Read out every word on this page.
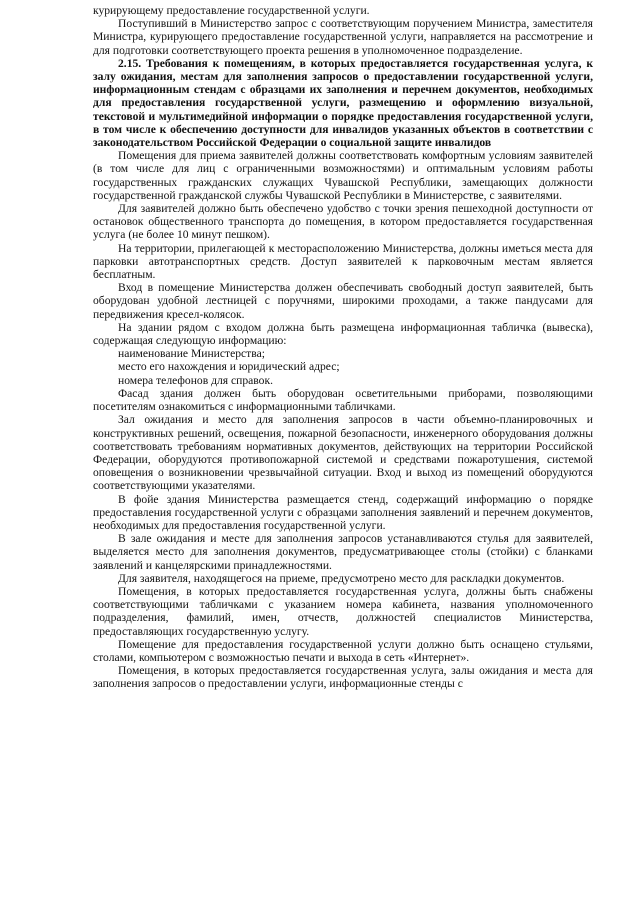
курирующему предоставление государственной услуги.

Поступивший в Министерство запрос с соответствующим поручением Министра, заместителя Министра, курирующего предоставление государственной услуги, направляется на рассмотрение и для подготовки соответствующего проекта решения в уполномоченное подразделение.

2.15. Требования к помещениям, в которых предоставляется государственная услуга, к залу ожидания, местам для заполнения запросов о предоставлении государственной услуги, информационным стендам с образцами их заполнения и перечнем документов, необходимых для предоставления государственной услуги, размещению и оформлению визуальной, текстовой и мультимедийной информации о порядке предоставления государственной услуги, в том числе к обеспечению доступности для инвалидов указанных объектов в соответствии с законодательством Российской Федерации о социальной защите инвалидов

Помещения для приема заявителей должны соответствовать комфортным условиям заявителей (в том числе для лиц с ограниченными возможностями) и оптимальным условиям работы государственных гражданских служащих Чувашской Республики, замещающих должности государственной гражданской службы Чувашской Республики в Министерстве, с заявителями.

Для заявителей должно быть обеспечено удобство с точки зрения пешеходной доступности от остановок общественного транспорта до помещения, в котором предоставляется государственная услуга (не более 10 минут пешком).

На территории, прилегающей к месторасположению Министерства, должны иметься места для парковки автотранспортных средств. Доступ заявителей к парковочным местам является бесплатным.

Вход в помещение Министерства должен обеспечивать свободный доступ заявителей, быть оборудован удобной лестницей с поручнями, широкими проходами, а также пандусами для передвижения кресел-колясок.

На здании рядом с входом должна быть размещена информационная табличка (вывеска), содержащая следующую информацию:

наименование Министерства;

место его нахождения и юридический адрес;

номера телефонов для справок.

Фасад здания должен быть оборудован осветительными приборами, позволяющими посетителям ознакомиться с информационными табличками.

Зал ожидания и место для заполнения запросов в части объемно-планировочных и конструктивных решений, освещения, пожарной безопасности, инженерного оборудования должны соответствовать требованиям нормативных документов, действующих на территории Российской Федерации, оборудуются противопожарной системой и средствами пожаротушения, системой оповещения о возникновении чрезвычайной ситуации. Вход и выход из помещений оборудуются соответствующими указателями.

В фойе здания Министерства размещается стенд, содержащий информацию о порядке предоставления государственной услуги с образцами заполнения заявлений и перечнем документов, необходимых для предоставления государственной услуги.

В зале ожидания и месте для заполнения запросов устанавливаются стулья для заявителей, выделяется место для заполнения документов, предусматривающее столы (стойки) с бланками заявлений и канцелярскими принадлежностями.

Для заявителя, находящегося на приеме, предусмотрено место для раскладки документов.

Помещения, в которых предоставляется государственная услуга, должны быть снабжены соответствующими табличками с указанием номера кабинета, названия уполномоченного подразделения, фамилий, имен, отчеств, должностей специалистов Министерства, предоставляющих государственную услугу.

Помещение для предоставления государственной услуги должно быть оснащено стульями, столами, компьютером с возможностью печати и выхода в сеть «Интернет».

Помещения, в которых предоставляется государственная услуга, залы ожидания и места для заполнения запросов о предоставлении услуги, информационные стенды с
